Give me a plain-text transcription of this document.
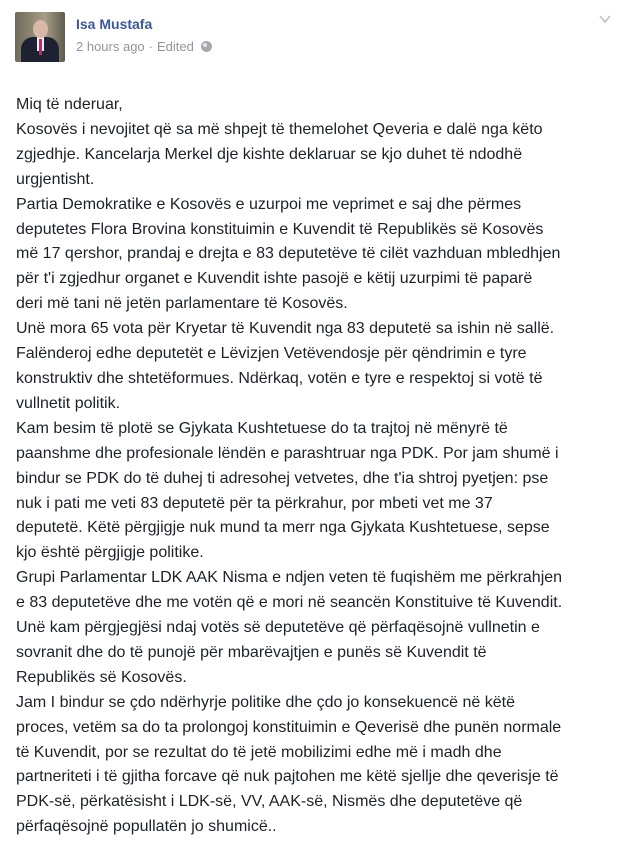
Isa Mustafa
2 hours ago · Edited
Miq të nderuar,
Kosovës i nevojitet që sa më shpejt të themelohet Qeveria e dalë nga këto
zgjedhje. Kancelarja Merkel dje kishte deklaruar se kjo duhet të ndodhë
urgjentisht.
Partia Demokratike e Kosovës e uzurpoi me veprimet e saj dhe përmes
deputetes Flora Brovina konstituimin e Kuvendit të Republikës së Kosovës
më 17 qershor, prandaj e drejta e 83 deputetëve të cilët vazhduan mbledhjen
për t'i zgjedhur organet e Kuvendit ishte pasojë e këtij uzurpimi të paparë
deri më tani në jetën parlamentare të Kosovës.
Unë mora 65 vota për Kryetar të Kuvendit nga 83 deputetë sa ishin në sallë.
Falënderoj edhe deputetët e Lëvizjen Vetëvendosje për qëndrimin e tyre
konstruktiv dhe shtetëformues. Ndërkaq, votën e tyre e respektoj si votë të
vullnetit politik.
Kam besim të plotë se Gjykata Kushtetuese do ta trajtoj në mënyrë të
paanshme dhe profesionale lëndën e parashtruar nga PDK. Por jam shumë i
bindur se PDK do të duhej ti adresohej vetvetes, dhe t'ia shtroj pyetjen: pse
nuk i pati me veti 83 deputetë për ta përkrahur, por mbeti vet me 37
deputetë. Këtë përgjigje nuk mund ta merr nga Gjykata Kushtetuese, sepse
kjo është përgjigje politike.
Grupi Parlamentar LDK AAK Nisma e ndjen veten të fuqishëm me përkrahjen
e 83 deputetëve dhe me votën që e mori në seancën Konstituive të Kuvendit.
Unë kam përgjegjësi ndaj votës së deputetëve që përfaqësojnë vullnetin e
sovranit dhe do të punojë për mbarëvajtjen e punës së Kuvendit të
Republikës së Kosovës.
Jam I bindur se çdo ndërhyrje politike dhe çdo jo konsekuencë në këtë
proces, vetëm sa do ta prolongoj konstituimin e Qeverisë dhe punën normale
të Kuvendit, por se rezultat do të jetë mobilizimi edhe më i madh dhe
partneriteti i të gjitha forcave që nuk pajtohen me këtë sjellje dhe qeverisje të
PDK-së, përkatësisht i LDK-së, VV, AAK-së, Nismës dhe deputetëve që
përfaqësojnë popullatën jo shumicë..
